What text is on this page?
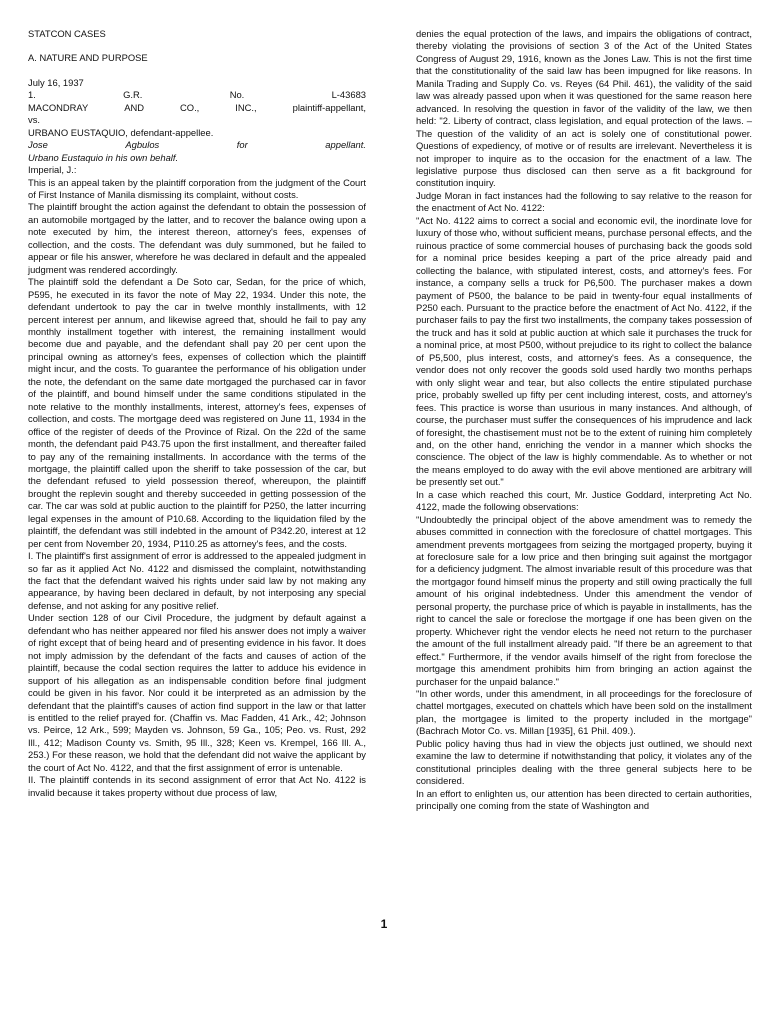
STATCON CASES

A. NATURE AND PURPOSE

July 16, 1937

1.	G.R.	No.	L-43683
MACONDRAY	AND	CO.,	INC.,	plaintiff-appellant,

vs.

URBANO EUSTAQUIO, defendant-appellee.

Jose	Agbulos	for	appellant.

Urbano Eustaquio in his own behalf.

Imperial, J.:

This is an appeal taken by the plaintiff corporation from the judgment of the Court of First Instance of Manila dismissing its complaint, without costs.

The plaintiff brought the action against the defendant to obtain the possession of an automobile mortgaged by the latter, and to recover the balance owing upon a note executed by him, the interest thereon, attorney's fees, expenses of collection, and the costs. The defendant was duly summoned, but he failed to appear or file his answer, wherefore he was declared in default and the appealed judgment was rendered accordingly.

The plaintiff sold the defendant a De Soto car, Sedan, for the price of which, P595, he executed in its favor the note of May 22, 1934. Under this note, the defendant undertook to pay the car in twelve monthly installments, with 12 percent interest per annum, and likewise agreed that, should he fail to pay any monthly installment together with interest, the remaining installment would become due and payable, and the defendant shall pay 20 per cent upon the principal owning as attorney's fees, expenses of collection which the plaintiff might incur, and the costs. To guarantee the performance of his obligation under the note, the defendant on the same date mortgaged the purchased car in favor of the plaintiff, and bound himself under the same conditions stipulated in the note relative to the monthly installments, interest, attorney's fees, expenses of collection, and costs. The mortgage deed was registered on June 11, 1934 in the office of the register of deeds of the Province of Rizal. On the 22d of the same month, the defendant paid P43.75 upon the first installment, and thereafter failed to pay any of the remaining installments. In accordance with the terms of the mortgage, the plaintiff called upon the sheriff to take possession of the car, but the defendant refused to yield possession thereof, whereupon, the plaintiff brought the replevin sought and thereby succeeded in getting possession of the car. The car was sold at public auction to the plaintiff for P250, the latter incurring legal expenses in the amount of P10.68. According to the liquidation filed by the plaintiff, the defendant was still indebted in the amount of P342.20, interest at 12 per cent from November 20, 1934, P110.25 as attorney's fees, and the costs.

I. The plaintiff's first assignment of error is addressed to the appealed judgment in so far as it applied Act No. 4122 and dismissed the complaint, notwithstanding the fact that the defendant waived his rights under said law by not making any appearance, by having been declared in default, by not interposing any special defense, and not asking for any positive relief.

Under section 128 of our Civil Procedure, the judgment by default against a defendant who has neither appeared nor filed his answer does not imply a waiver of right except that of being heard and of presenting evidence in his favor. It does not imply admission by the defendant of the facts and causes of action of the plaintiff, because the codal section requires the latter to adduce his evidence in support of his allegation as an indispensable condition before final judgment could be given in his favor. Nor could it be interpreted as an admission by the defendant that the plaintiff's causes of action find support in the law or that latter is entitled to the relief prayed for. (Chaffin vs. Mac Fadden, 41 Ark., 42; Johnson vs. Peirce, 12 Ark., 599; Mayden vs. Johnson, 59 Ga., 105; Peo. vs. Rust, 292 Ill., 412; Madison County vs. Smith, 95 Ill., 328; Keen vs. Krempel, 166 Ill. A., 253.) For these reason, we hold that the defendant did not waive the applicant by the court of Act No. 4122, and that the first assignment of error is untenable.

II. The plaintiff contends in its second assignment of error that Act No. 4122 is invalid because it takes property without due process of law,

denies the equal protection of the laws, and impairs the obligations of contract, thereby violating the provisions of section 3 of the Act of the United States Congress of August 29, 1916, known as the Jones Law. This is not the first time that the constitutionality of the said law has been impugned for like reasons. In Manila Trading and Supply Co. vs. Reyes (64 Phil. 461), the validity of the said law was already passed upon when it was questioned for the same reason here advanced. In resolving the question in favor of the validity of the law, we then held: "2. Liberty of contract, class legislation, and equal protection of the laws. – The question of the validity of an act is solely one of constitutional power. Questions of expediency, of motive or of results are irrelevant. Nevertheless it is not improper to inquire as to the occasion for the enactment of a law. The legislative purpose thus disclosed can then serve as a fit background for constitution inquiry.

Judge Moran in fact instances had the following to say relative to the reason for the enactment of Act No. 4122:

"Act No. 4122 aims to correct a social and economic evil, the inordinate love for luxury of those who, without sufficient means, purchase personal effects, and the ruinous practice of some commercial houses of purchasing back the goods sold for a nominal price besides keeping a part of the price already paid and collecting the balance, with stipulated interest, costs, and attorney's fees. For instance, a company sells a truck for P6,500. The purchaser makes a down payment of P500, the balance to be paid in twenty-four equal installments of P250 each. Pursuant to the practice before the enactment of Act No. 4122, if the purchaser fails to pay the first two installments, the company takes possession of the truck and has it sold at public auction at which sale it purchases the truck for a nominal price, at most P500, without prejudice to its right to collect the balance of P5,500, plus interest, costs, and attorney's fees. As a consequence, the vendor does not only recover the goods sold used hardly two months perhaps with only slight wear and tear, but also collects the entire stipulated purchase price, probably swelled up fifty per cent including interest, costs, and attorney's fees. This practice is worse than usurious in many instances. And although, of course, the purchaser must suffer the consequences of his imprudence and lack of foresight, the chastisement must not be to the extent of ruining him completely and, on the other hand, enriching the vendor in a manner which shocks the conscience. The object of the law is highly commendable. As to whether or not the means employed to do away with the evil above mentioned are arbitrary will be presently set out."

In a case which reached this court, Mr. Justice Goddard, interpreting Act No. 4122, made the following observations:

"Undoubtedly the principal object of the above amendment was to remedy the abuses committed in connection with the foreclosure of chattel mortgages. This amendment prevents mortgagees from seizing the mortgaged property, buying it at foreclosure sale for a low price and then bringing suit against the mortgagor for a deficiency judgment. The almost invariable result of this procedure was that the mortgagor found himself minus the property and still owing practically the full amount of his original indebtedness. Under this amendment the vendor of personal property, the purchase price of which is payable in installments, has the right to cancel the sale or foreclose the mortgage if one has been given on the property. Whichever right the vendor elects he need not return to the purchaser the amount of the full installment already paid. "If there be an agreement to that effect." Furthermore, if the vendor avails himself of the right from foreclose the mortgage this amendment prohibits him from bringing an action against the purchaser for the unpaid balance."

"In other words, under this amendment, in all proceedings for the foreclosure of chattel mortgages, executed on chattels which have been sold on the installment plan, the mortgagee is limited to the property included in the mortgage" (Bachrach Motor Co. vs. Millan [1935], 61 Phil. 409.).

Public policy having thus had in view the objects just outlined, we should next examine the law to determine if notwithstanding that policy, it violates any of the constitutional principles dealing with the three general subjects here to be considered.

In an effort to enlighten us, our attention has been directed to certain authorities, principally one coming from the state of Washington and

1
